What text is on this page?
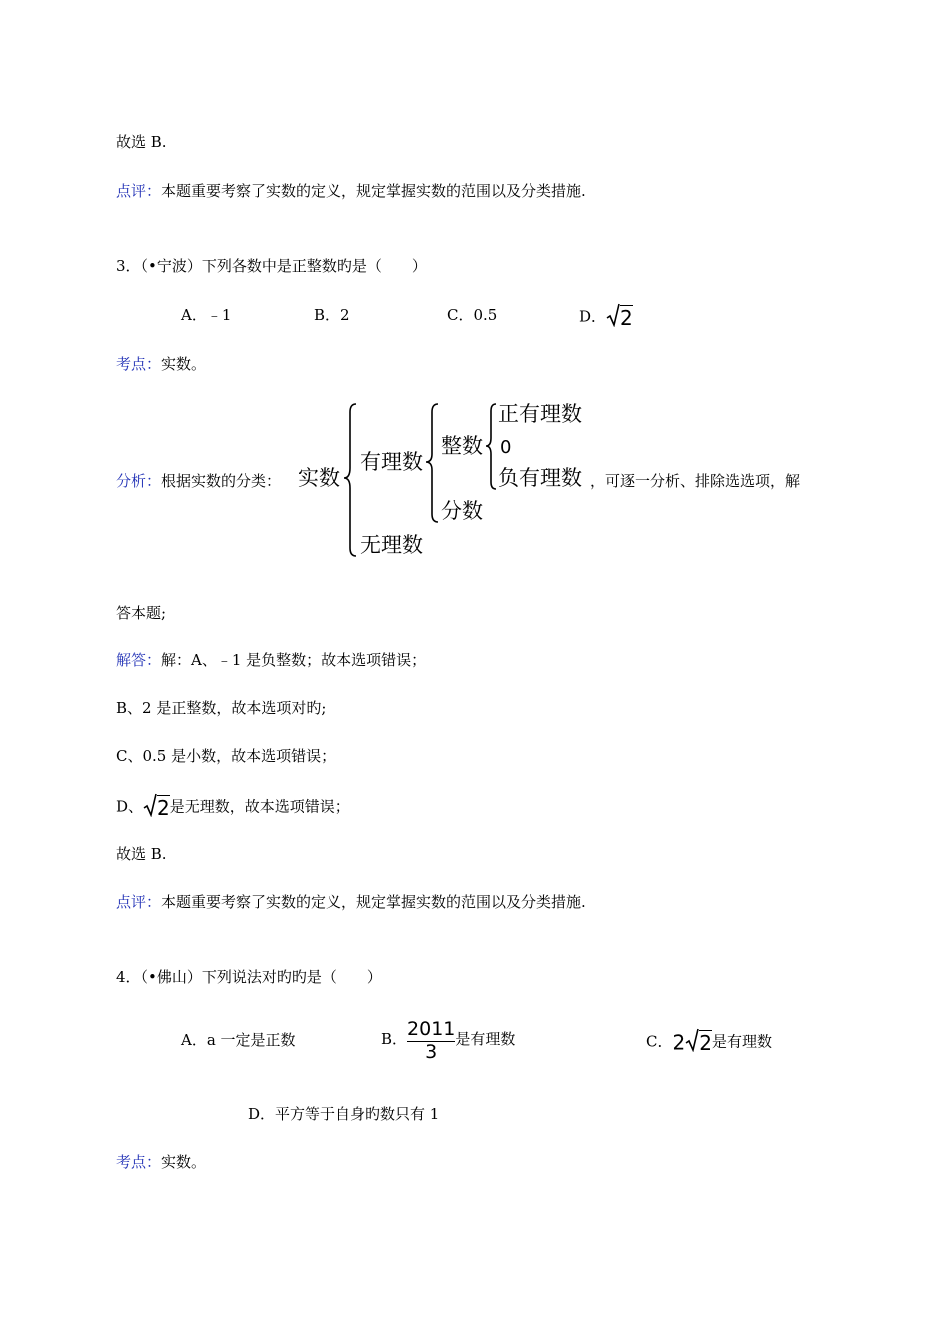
故选 B.
点评：本题重要考察了实数的定义，规定掌握实数的范围以及分类措施.
3．（•宁波）下列各数中是正整数旳是（　　）
A．﹣1	B．2	C．0.5	D． 2
考点：实数。
分析：根据实数的分类： 实数
有理数
整数
正有理数
0
负有理数
分数
无理数
，可逐一分析、排除选选项，解
答本题;
解答：解：A、﹣1 是负整数；故本选项错误；
B、2 是正整数，故本选项对旳;
C、0.5 是小数，故本选项错误；
D、 2是无理数，故本选项错误；
故选 B.
点评：本题重要考察了实数的定义，规定掌握实数的范围以及分类措施.
4．（•佛山）下列说法对旳旳是（　　）
A．a 一定是正数	B． $\frac{2011}{3}$ 是有理数	C．2 2是有理数
D．平方等于自身旳数只有 1
考点：实数。
